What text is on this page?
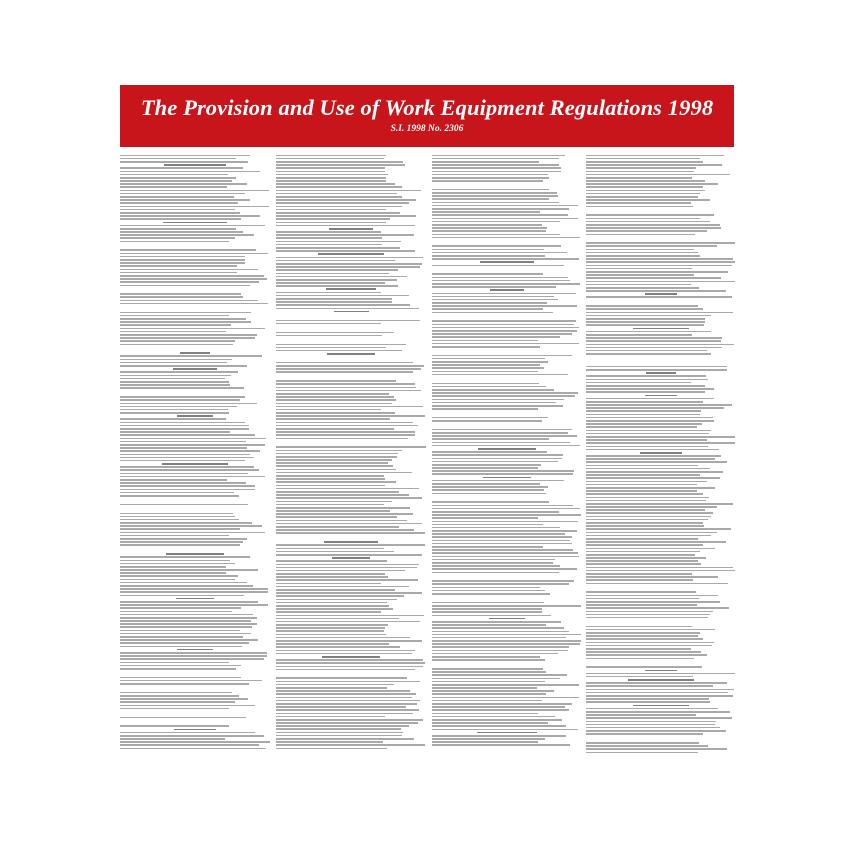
The Provision and Use of Work Equipment Regulations 1998
S.I. 1998 No. 2306
